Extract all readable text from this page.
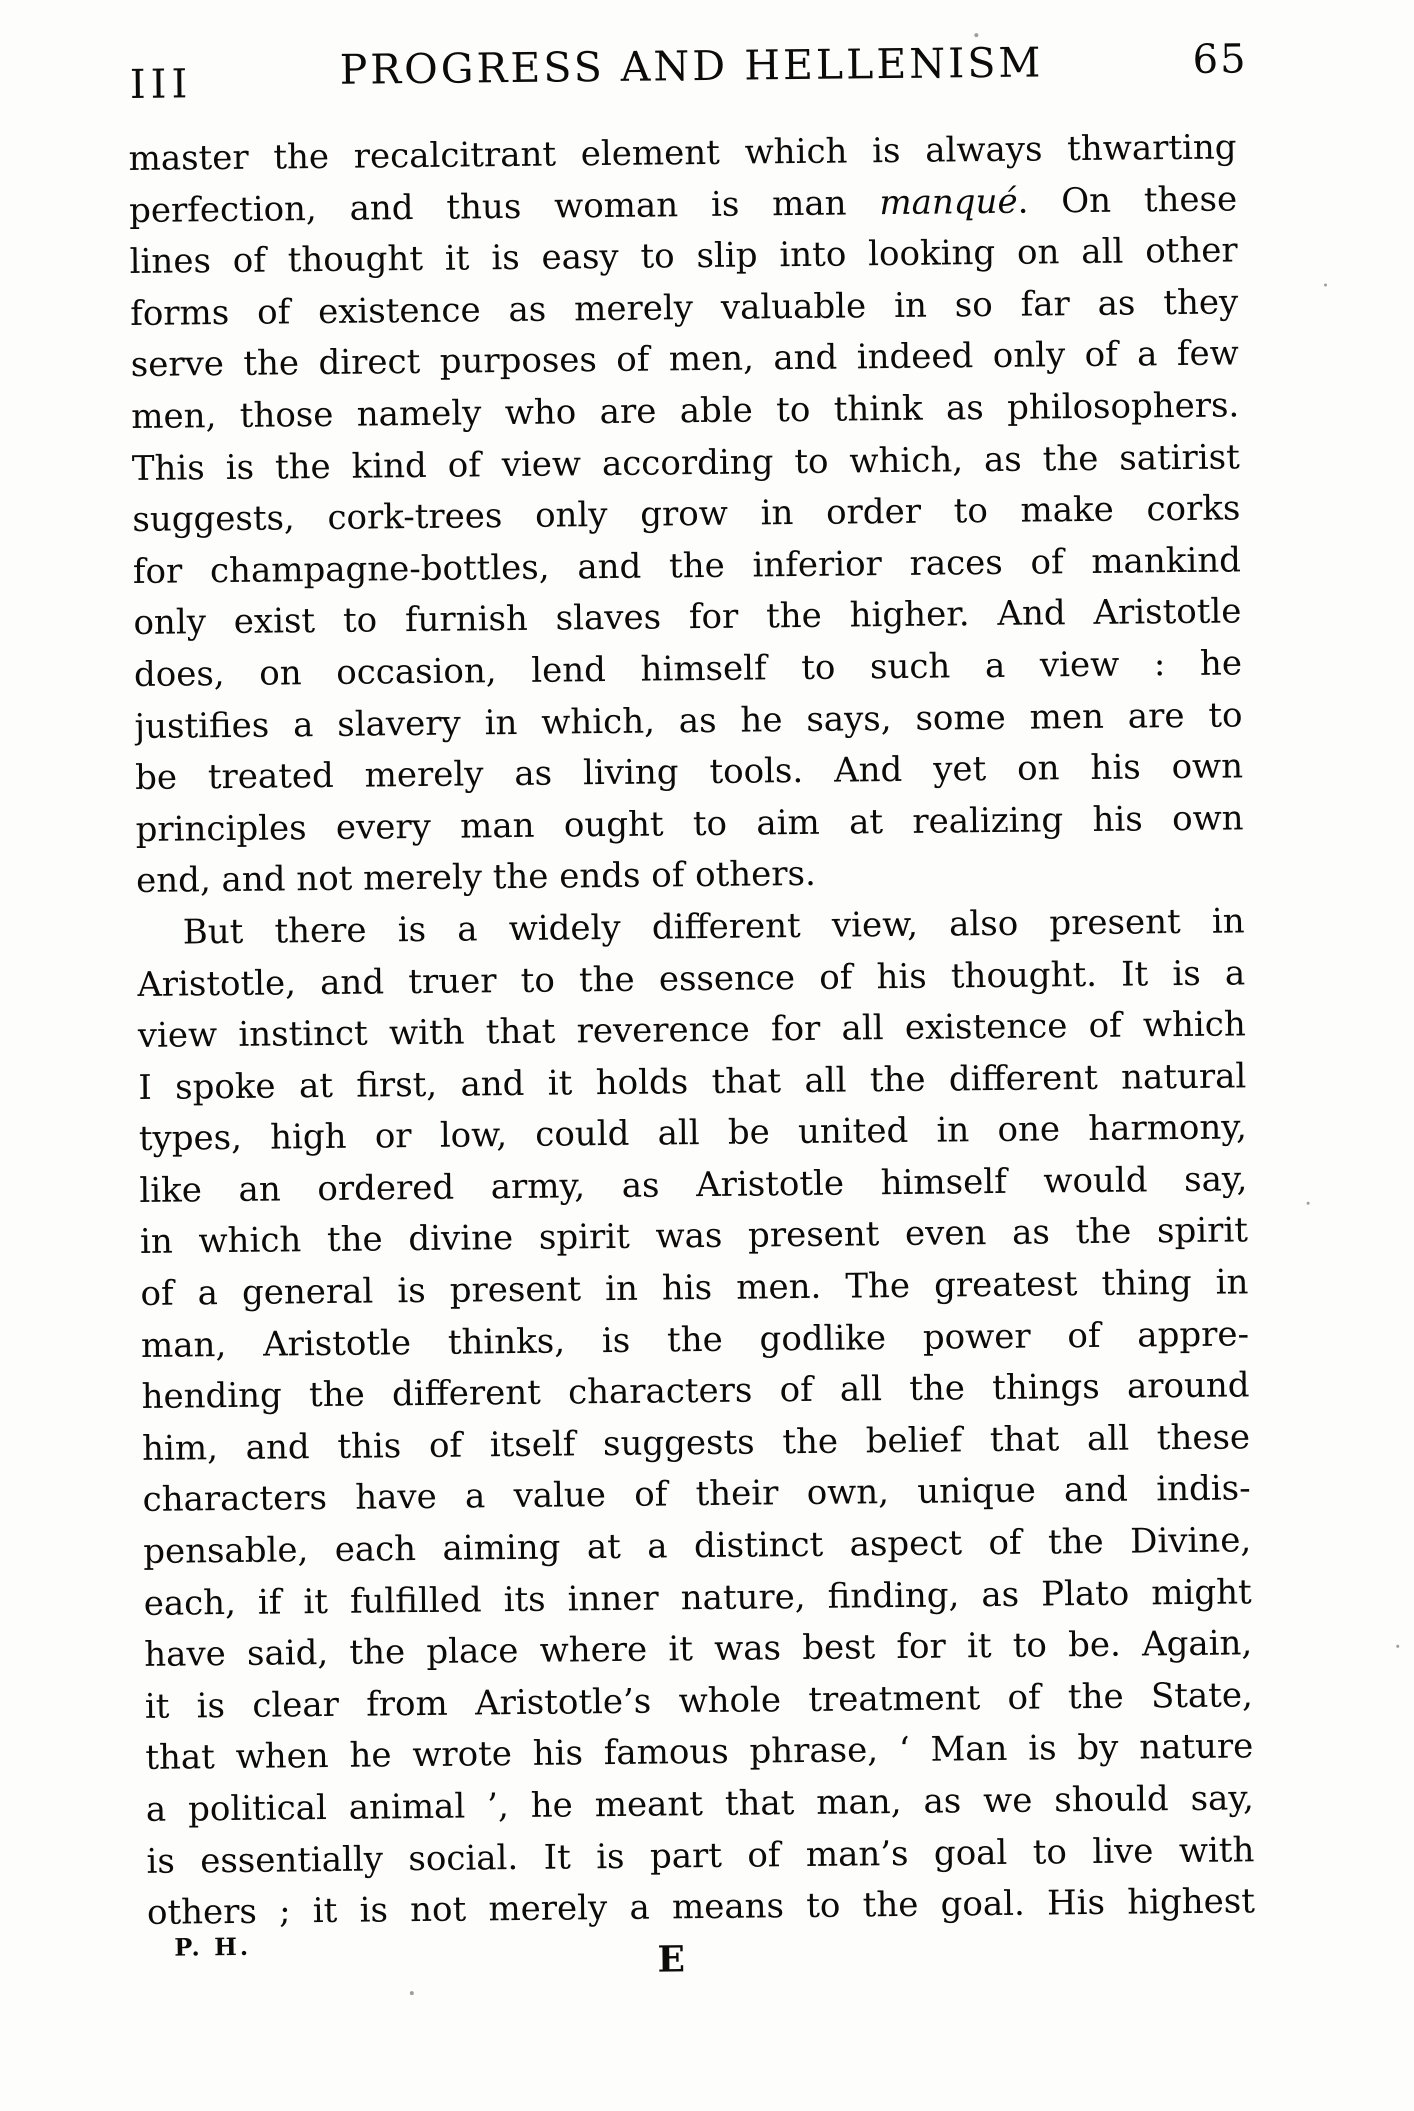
III	PROGRESS AND HELLENISM	65
master the recalcitrant element which is always thwarting
perfection, and thus woman is man manqué. On these
lines of thought it is easy to slip into looking on all other
forms of existence as merely valuable in so far as they
serve the direct purposes of men, and indeed only of a few
men, those namely who are able to think as philosophers.
This is the kind of view according to which, as the satirist
suggests, cork-trees only grow in order to make corks
for champagne-bottles, and the inferior races of mankind
only exist to furnish slaves for the higher. And Aristotle
does, on occasion, lend himself to such a view : he
justifies a slavery in which, as he says, some men are to
be treated merely as living tools. And yet on his own
principles every man ought to aim at realizing his own
end, and not merely the ends of others.
But there is a widely different view, also present in
Aristotle, and truer to the essence of his thought. It is a
view instinct with that reverence for all existence of which
I spoke at first, and it holds that all the different natural
types, high or low, could all be united in one harmony,
like an ordered army, as Aristotle himself would say,
in which the divine spirit was present even as the spirit
of a general is present in his men. The greatest thing in
man, Aristotle thinks, is the godlike power of appre-
hending the different characters of all the things around
him, and this of itself suggests the belief that all these
characters have a value of their own, unique and indis-
pensable, each aiming at a distinct aspect of the Divine,
each, if it fulfilled its inner nature, finding, as Plato might
have said, the place where it was best for it to be. Again,
it is clear from Aristotle’s whole treatment of the State,
that when he wrote his famous phrase, ‘ Man is by nature
a political animal ’, he meant that man, as we should say,
is essentially social. It is part of man’s goal to live with
others ; it is not merely a means to the goal. His highest
P. H.	E
